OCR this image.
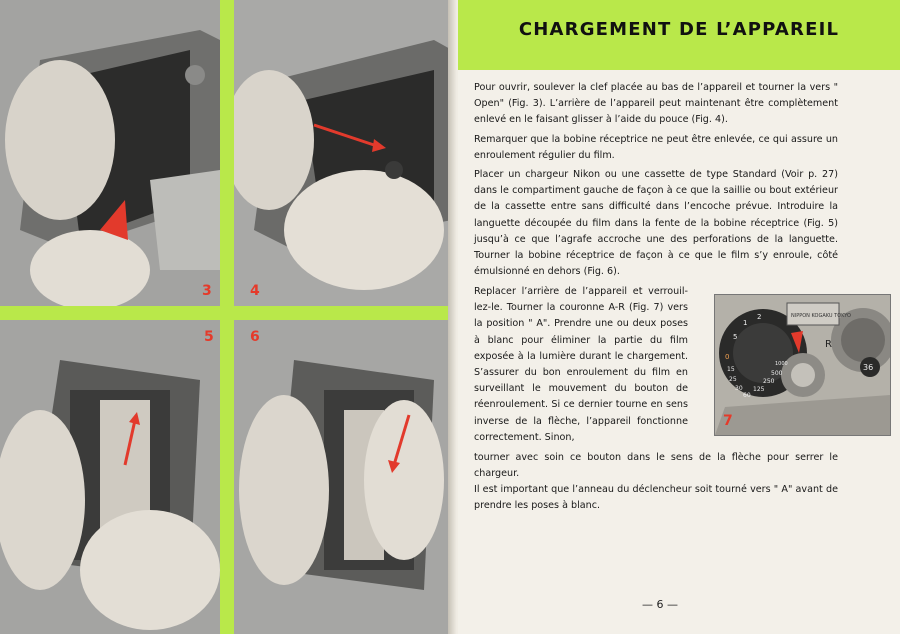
3	4
5	6
CHARGEMENT DE L’APPAREIL

Pour ouvrir, soulever la clef placée au bas de l’appareil et tourner la vers " Open" (Fig. 3). L’arrière de l’appareil peut maintenant être complètement enlevé en le faisant glisser à l’aide du pouce (Fig. 4).

Remarquer que la bobine réceptrice ne peut être enlevée, ce qui assure un enroulement régulier du film.

Placer un chargeur Nikon ou une cassette de type Standard (Voir p. 27) dans le compartiment gauche de façon à ce que la saillie ou bout extérieur de la cassette entre sans difficulté dans l’encoche prévue. Introduire la languette découpée du film dans la fente de la bobine réceptrice (Fig. 5) jusqu’à ce que l’agrafe accroche une des perforations de la languette. Tourner la bobine réceptrice de façon à ce que le film s’y enroule, côté émulsionné en dehors (Fig. 6).

Replacer l’arrière de l’appareil et verrouillez-le. Tourner la couronne A-R (Fig. 7) vers la position " A". Prendre une ou deux poses à blanc pour éliminer la partie du film exposée à la lumière durant le chargement. S’assurer du bon enroulement du film en surveillant le mouvement du bouton de réenroulement. Si ce dernier tourne en sens inverse de la flèche, l’appareil fonctionne correctement. Sinon,

tourner avec soin ce bouton dans le sens de la flèche pour serrer le chargeur.

Il est important que l’anneau du déclencheur soit tourné vers " A" avant de prendre les poses à blanc.

R
0
5
1
2
15
25
30
60
125
250
500
1000	36
NIPPON KOGAKU TOKYO
7
— 6 —
